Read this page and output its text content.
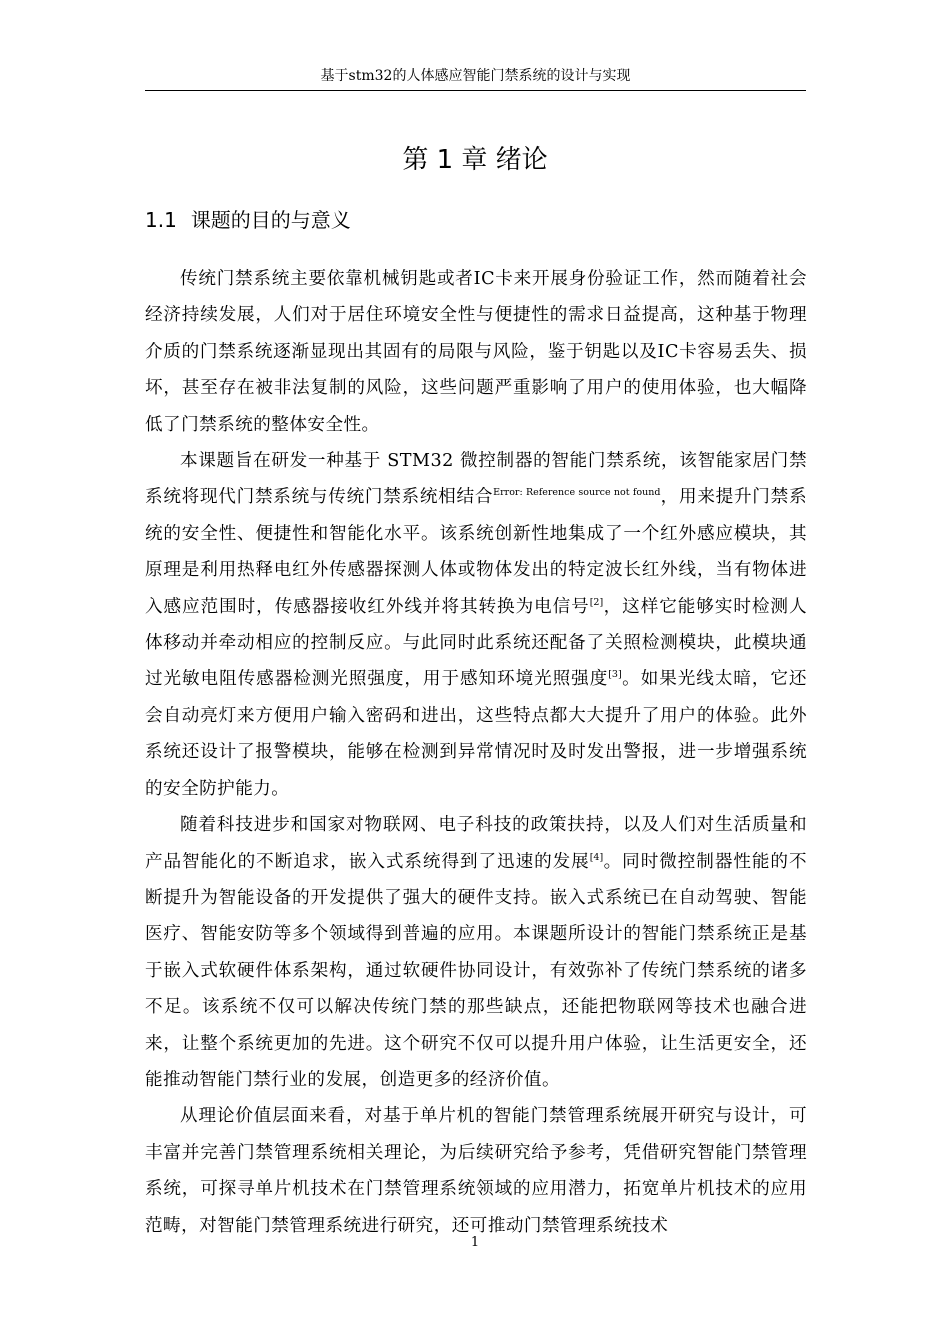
基于stm32的人体感应智能门禁系统的设计与实现
第 1 章 绪论
1.1 课题的目的与意义

传统门禁系统主要依靠机械钥匙或者IC卡来开展身份验证工作，然而随着社会经济持续发展，人们对于居住环境安全性与便捷性的需求日益提高，这种基于物理介质的门禁系统逐渐显现出其固有的局限与风险，鉴于钥匙以及IC卡容易丢失、损坏，甚至存在被非法复制的风险，这些问题严重影响了用户的使用体验，也大幅降低了门禁系统的整体安全性。

本课题旨在研发一种基于 STM32 微控制器的智能门禁系统，该智能家居门禁系统将现代门禁系统与传统门禁系统相结合$^{Error: Reference source not found}$，用来提升门禁系统的安全性、便捷性和智能化水平。该系统创新性地集成了一个红外感应模块，其原理是利用热释电红外传感器探测人体或物体发出的特定波长红外线，当有物体进入感应范围时，传感器接收红外线并将其转换为电信号[2]，这样它能够实时检测人体移动并牵动相应的控制反应。与此同时此系统还配备了关照检测模块，此模块通过光敏电阻传感器检测光照强度，用于感知环境光照强度[3]。如果光线太暗，它还会自动亮灯来方便用户输入密码和进出，这些特点都大大提升了用户的体验。此外系统还设计了报警模块，能够在检测到异常情况时及时发出警报，进一步增强系统的安全防护能力。

随着科技进步和国家对物联网、电子科技的政策扶持，以及人们对生活质量和产品智能化的不断追求，嵌入式系统得到了迅速的发展[4]。同时微控制器性能的不断提升为智能设备的开发提供了强大的硬件支持。嵌入式系统已在自动驾驶、智能医疗、智能安防等多个领域得到普遍的应用。本课题所设计的智能门禁系统正是基于嵌入式软硬件体系架构，通过软硬件协同设计，有效弥补了传统门禁系统的诸多不足。该系统不仅可以解决传统门禁的那些缺点，还能把物联网等技术也融合进来，让整个系统更加的先进。这个研究不仅可以提升用户体验，让生活更安全，还能推动智能门禁行业的发展，创造更多的经济价值。

从理论价值层面来看，对基于单片机的智能门禁管理系统展开研究与设计，可丰富并完善门禁管理系统相关理论，为后续研究给予参考，凭借研究智能门禁管理系统，可探寻单片机技术在门禁管理系统领域的应用潜力，拓宽单片机技术的应用范畴，对智能门禁管理系统进行研究，还可推动门禁管理系统技术

1
